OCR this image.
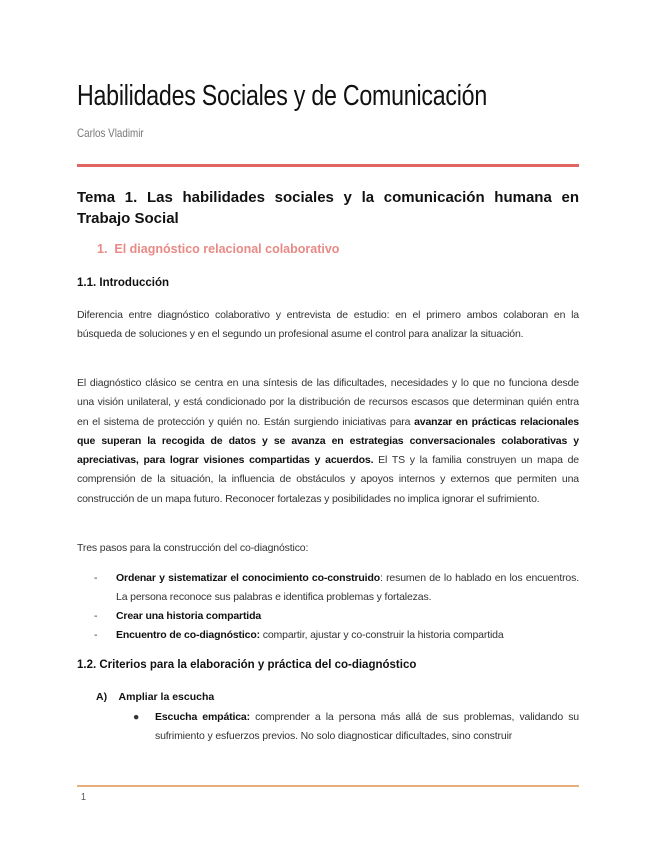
Habilidades Sociales y de Comunicación
Carlos Vladimir
Tema 1. Las habilidades sociales y la comunicación humana en Trabajo Social
1. El diagnóstico relacional colaborativo
1.1. Introducción

Diferencia entre diagnóstico colaborativo y entrevista de estudio: en el primero ambos colaboran en la búsqueda de soluciones y en el segundo un profesional asume el control para analizar la situación.

El diagnóstico clásico se centra en una síntesis de las dificultades, necesidades y lo que no funciona desde una visión unilateral, y está condicionado por la distribución de recursos escasos que determinan quién entra en el sistema de protección y quién no. Están surgiendo iniciativas para avanzar en prácticas relacionales que superan la recogida de datos y se avanza en estrategias conversacionales colaborativas y apreciativas, para lograr visiones compartidas y acuerdos. El TS y la familia construyen un mapa de comprensión de la situación, la influencia de obstáculos y apoyos internos y externos que permiten una construcción de un mapa futuro. Reconocer fortalezas y posibilidades no implica ignorar el sufrimiento.

Tres pasos para la construcción del co-diagnóstico:

- Ordenar y sistematizar el conocimiento co-construido: resumen de lo hablado en los encuentros. La persona reconoce sus palabras e identifica problemas y fortalezas.
- Crear una historia compartida
- Encuentro de co-diagnóstico: compartir, ajustar y co-construir la historia compartida
1.2. Criterios para la elaboración y práctica del co-diagnóstico
A) Ampliar la escucha
● Escucha empática: comprender a la persona más allá de sus problemas, validando su sufrimiento y esfuerzos previos. No solo diagnosticar dificultades, sino construir
1
